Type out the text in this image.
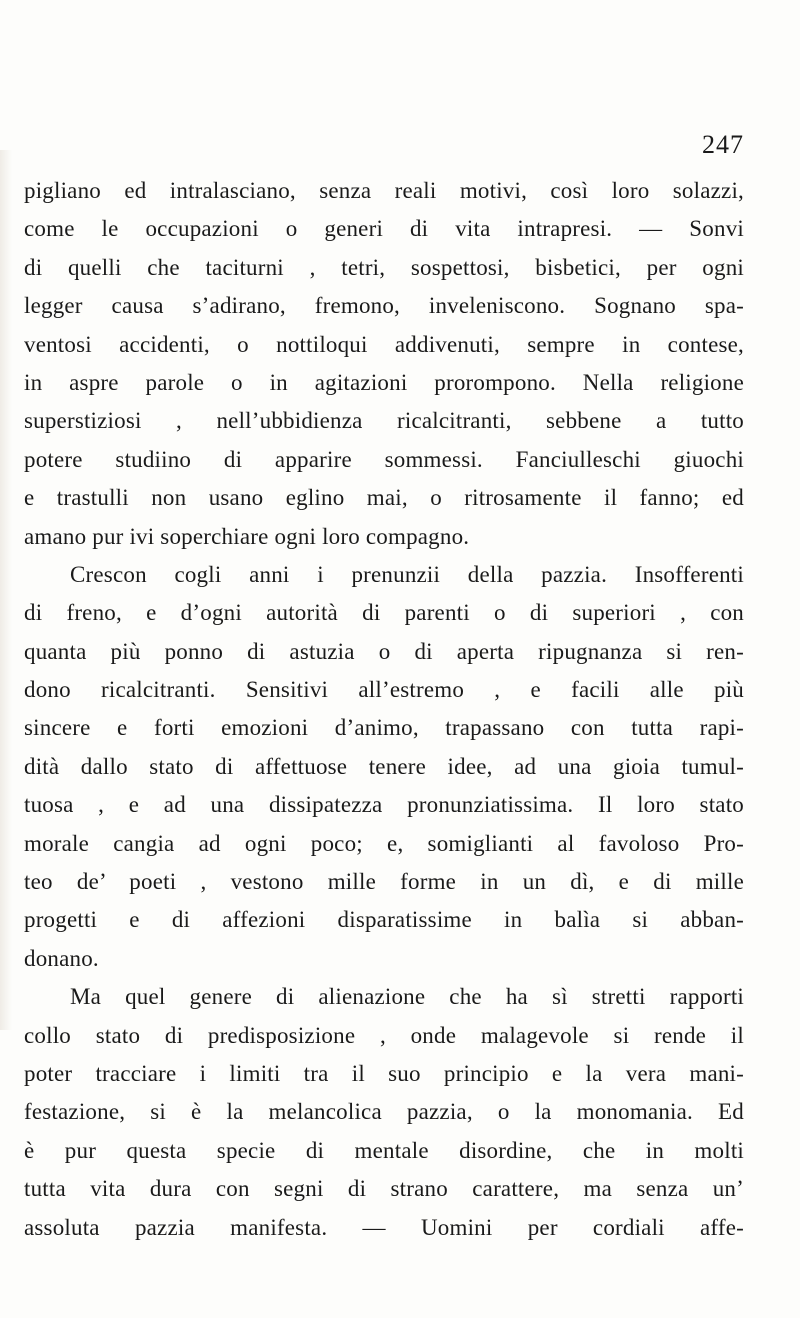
247
pigliano ed intralasciano, senza reali motivi, così loro solazzi,
come le occupazioni o generi di vita intrapresi. — Sonvi
di quelli che taciturni , tetri, sospettosi, bisbetici, per ogni
legger causa s’adirano, fremono, inveleniscono. Sognano spa-
ventosi accidenti, o nottiloqui addivenuti, sempre in contese,
in aspre parole o in agitazioni prorompono. Nella religione
superstiziosi , nell’ubbidienza ricalcitranti, sebbene a tutto
potere studiino di apparire sommessi. Fanciulleschi giuochi
e trastulli non usano eglino mai, o ritrosamente il fanno; ed
amano pur ivi soperchiare ogni loro compagno.
Crescon cogli anni i prenunzii della pazzia. Insofferenti
di freno, e d’ogni autorità di parenti o di superiori , con
quanta più ponno di astuzia o di aperta ripugnanza si ren-
dono ricalcitranti. Sensitivi all’estremo , e facili alle più
sincere e forti emozioni d’animo, trapassano con tutta rapi-
dità dallo stato di affettuose tenere idee, ad una gioia tumul-
tuosa , e ad una dissipatezza pronunziatissima. Il loro stato
morale cangia ad ogni poco; e, somiglianti al favoloso Pro-
teo de’ poeti , vestono mille forme in un dì, e di mille
progetti e di affezioni disparatissime in balìa si abban-
donano.
Ma quel genere di alienazione che ha sì stretti rapporti
collo stato di predisposizione , onde malagevole si rende il
poter tracciare i limiti tra il suo principio e la vera mani-
festazione, si è la melancolica pazzia, o la monomania. Ed
è pur questa specie di mentale disordine, che in molti
tutta vita dura con segni di strano carattere, ma senza un’
assoluta pazzia manifesta. — Uomini per cordiali affe-
